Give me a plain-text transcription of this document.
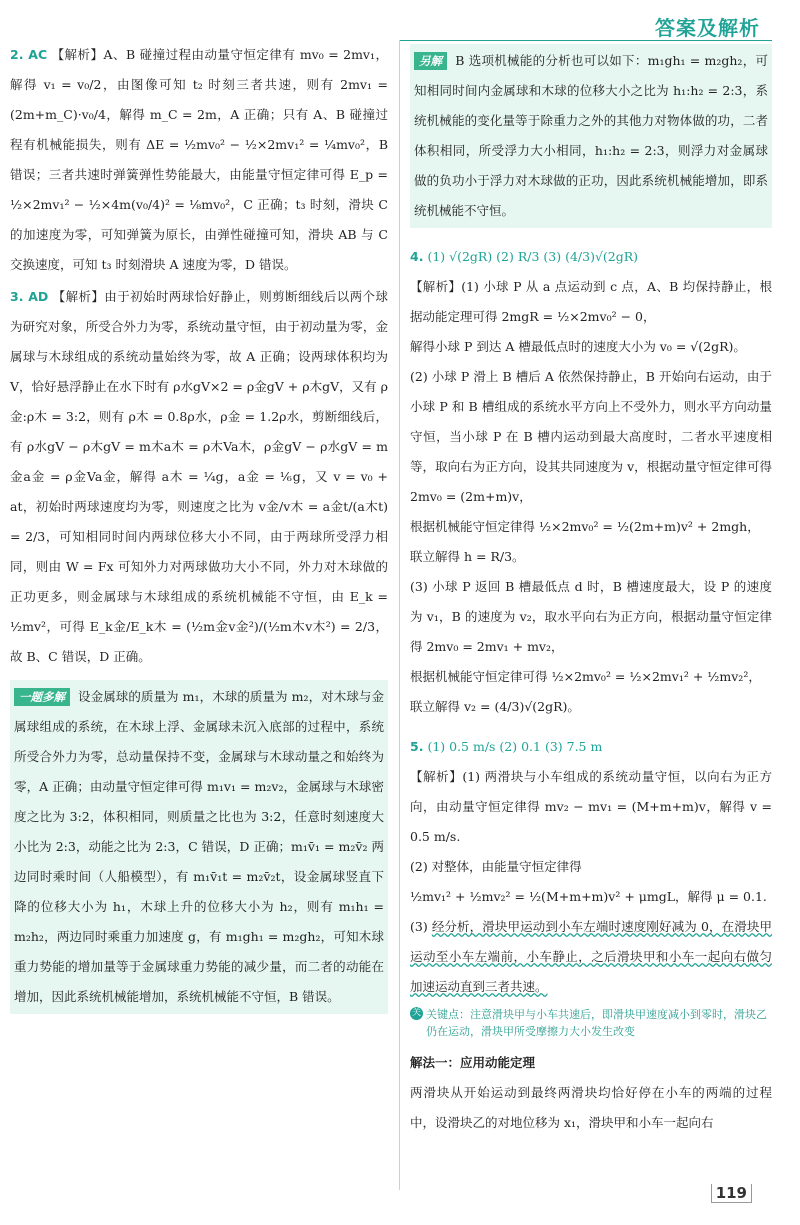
答案及解析

2. AC 【解析】A、B 碰撞过程由动量守恒定律有 mv₀ = 2mv₁，解得 v₁ = v₀/2，由图像可知 t₂ 时刻三者共速，则有 2mv₁ = (2m+m_C)·v₀/4，解得 m_C = 2m，A 正确；只有 A、B 碰撞过程有机械能损失，则有 ΔE = ½mv₀² − ½×2mv₁² = ¼mv₀²，B 错误；三者共速时弹簧弹性势能最大，由能量守恒定律可得 E_p = ½×2mv₁² − ½×4m(v₀/4)² = ⅛mv₀²，C 正确；t₃ 时刻，滑块 C 的加速度为零，可知弹簧为原长，由弹性碰撞可知，滑块 AB 与 C 交换速度，可知 t₃ 时刻滑块 A 速度为零，D 错误。

3. AD 【解析】由于初始时两球恰好静止，则剪断细线后以两个球为研究对象，所受合外力为零，系统动量守恒，由于初动量为零，金属球与木球组成的系统动量始终为零，故 A 正确；设两球体积均为 V，恰好悬浮静止在水下时有 ρ水gV×2 = ρ金gV + ρ木gV，又有 ρ金:ρ木 = 3:2，则有 ρ木 = 0.8ρ水，ρ金 = 1.2ρ水，剪断细线后，有 ρ水gV − ρ木gV = m木a木 = ρ木Va木，ρ金gV − ρ水gV = m金a金 = ρ金Va金，解得 a木 = ¼g，a金 = ⅙g，又 v = v₀ + at，初始时两球速度均为零，则速度之比为 v金/v木 = a金t/(a木t) = 2/3，可知相同时间内两球位移大小不同，由于两球所受浮力相同，则由 W = Fx 可知外力对两球做功大小不同，外力对木球做的正功更多，则金属球与木球组成的系统机械能不守恒，由 E_k = ½mv²，可得 E_k金/E_k木 = (½m金v金²)/(½m木v木²) = 2/3，故 B、C 错误，D 正确。

一题多解 设金属球的质量为 m₁，木球的质量为 m₂，对木球与金属球组成的系统，在木球上浮、金属球未沉入底部的过程中，系统所受合外力为零，总动量保持不变，金属球与木球动量之和始终为零，A 正确；由动量守恒定律可得 m₁v₁ = m₂v₂，金属球与木球密度之比为 3:2，体积相同，则质量之比也为 3:2，任意时刻速度大小比为 2:3，动能之比为 2:3，C 错误，D 正确；m₁v̄₁ = m₂v̄₂ 两边同时乘时间（人船模型），有 m₁v̄₁t = m₂v̄₂t，设金属球竖直下降的位移大小为 h₁，木球上升的位移大小为 h₂，则有 m₁h₁ = m₂h₂，两边同时乘重力加速度 g，有 m₁gh₁ = m₂gh₂，可知木球重力势能的增加量等于金属球重力势能的减少量，而二者的动能在增加，因此系统机械能增加，系统机械能不守恒，B 错误。

另解 B 选项机械能的分析也可以如下：m₁gh₁ = m₂gh₂，可知相同时间内金属球和木球的位移大小之比为 h₁:h₂ = 2:3，系统机械能的变化量等于除重力之外的其他力对物体做的功，二者体积相同，所受浮力大小相同，h₁:h₂ = 2:3，则浮力对金属球做的负功小于浮力对木球做的正功，因此系统机械能增加，即系统机械能不守恒。

4. (1) √(2gR) (2) R/3 (3) (4/3)√(2gR)

【解析】(1) 小球 P 从 a 点运动到 c 点，A、B 均保持静止，根据动能定理可得 2mgR = ½×2mv₀² − 0，

解得小球 P 到达 A 槽最低点时的速度大小为 v₀ = √(2gR)。

(2) 小球 P 滑上 B 槽后 A 依然保持静止，B 开始向右运动，由于小球 P 和 B 槽组成的系统水平方向上不受外力，则水平方向动量守恒，当小球 P 在 B 槽内运动到最大高度时，二者水平速度相等，取向右为正方向，设其共同速度为 v，根据动量守恒定律可得 2mv₀ = (2m+m)v，

根据机械能守恒定律得 ½×2mv₀² = ½(2m+m)v² + 2mgh，

联立解得 h = R/3。

(3) 小球 P 返回 B 槽最低点 d 时，B 槽速度最大，设 P 的速度为 v₁，B 的速度为 v₂，取水平向右为正方向，根据动量守恒定律得 2mv₀ = 2mv₁ + mv₂，

根据机械能守恒定律可得 ½×2mv₀² = ½×2mv₁² + ½mv₂²，

联立解得 v₂ = (4/3)√(2gR)。

5. (1) 0.5 m/s (2) 0.1 (3) 7.5 m

【解析】(1) 两滑块与小车组成的系统动量守恒，以向右为正方向，由动量守恒定律得 mv₂ − mv₁ = (M+m+m)v，解得 v = 0.5 m/s.

(2) 对整体，由能量守恒定律得

½mv₁² + ½mv₂² = ½(M+m+m)v² + μmgL，解得 μ = 0.1.

(3) 经分析，滑块甲运动到小车左端时速度刚好减为 0，在滑块甲运动至小车左端前，小车静止，之后滑块甲和小车一起向右做匀加速运动直到三者共速。

关 关键点：注意滑块甲与小车共速后，即滑块甲速度减小到零时，滑块乙仍在运动，滑块甲所受摩擦力大小发生改变
解法一：应用动能定理

两滑块从开始运动到最终两滑块均恰好停在小车的两端的过程中，设滑块乙的对地位移为 x₁，滑块甲和小车一起向右

119
